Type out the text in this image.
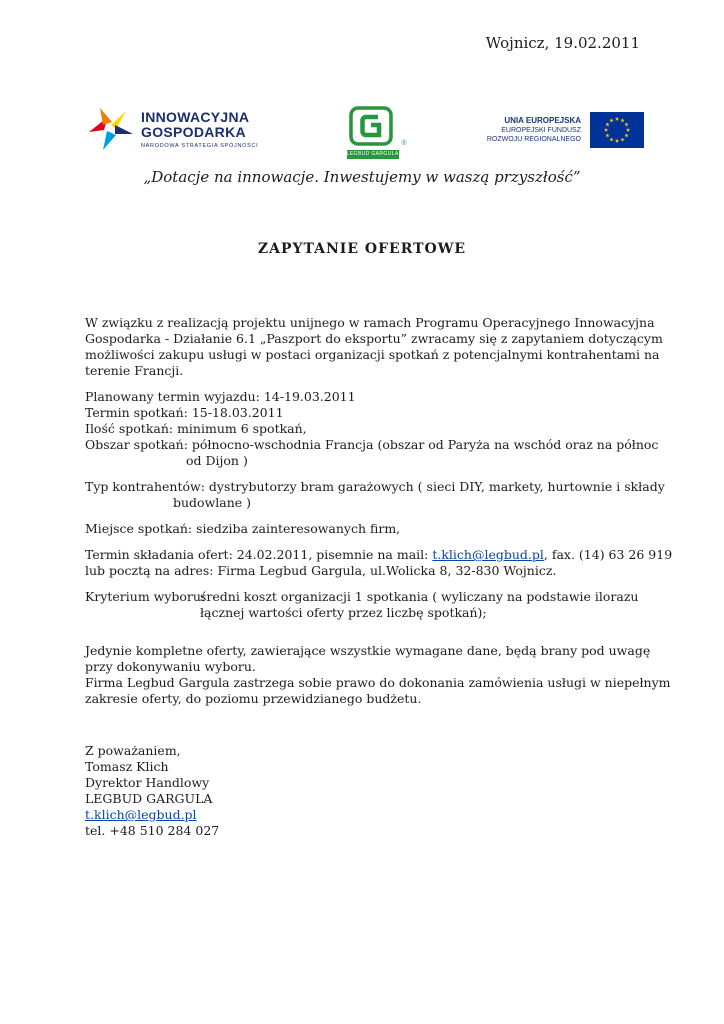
Wojnicz, 19.02.2011
INNOWACYJNA
GOSPODARKA
NARODOWA STRATEGIA SPÓJNOŚCI	®
LEGBUD GARGULA
UNIA EUROPEJSKA
EUROPEJSKI FUNDUSZ
ROZWOJU REGIONALNEGO
„Dotacje na innowacje. Inwestujemy w waszą przyszłość”
ZAPYTANIE OFERTOWE
W związku z realizacją projektu unijnego w ramach Programu Operacyjnego Innowacyjna
Gospodarka - Działanie 6.1 „Paszport do eksportu” zwracamy się z zapytaniem dotyczącym
możliwości zakupu usługi w postaci organizacji spotkań z potencjalnymi kontrahentami na
terenie Francji.
Planowany termin wyjazdu: 14-19.03.2011
Termin spotkań: 15-18.03.2011
Ilość spotkań: minimum 6 spotkań,
Obszar spotkań: północno-wschodnia Francja (obszar od Paryża na wschód oraz na północ
od Dijon )
Typ kontrahentów: dystrybutorzy bram garażowych ( sieci DIY, markety, hurtownie i składy
budowlane )
Miejsce spotkań: siedziba zainteresowanych firm,
Termin składania ofert: 24.02.2011, pisemnie na mail: t.klich@legbud.pl, fax. (14) 63 26 919
lub pocztą na adres: Firma Legbud Gargula, ul.Wolicka 8, 32-830 Wojnicz.
Kryterium wyboru:średni koszt organizacji 1 spotkania ( wyliczany na podstawie ilorazu
łącznej wartości oferty przez liczbę spotkań);
Jedynie kompletne oferty, zawierające wszystkie wymagane dane, będą brany pod uwagę
przy dokonywaniu wyboru.
Firma Legbud Gargula zastrzega sobie prawo do dokonania zamówienia usługi w niepełnym
zakresie oferty, do poziomu przewidzianego budżetu.
Z poważaniem,
Tomasz Klich
Dyrektor Handlowy
LEGBUD GARGULA
t.klich@legbud.pl
tel. +48 510 284 027
